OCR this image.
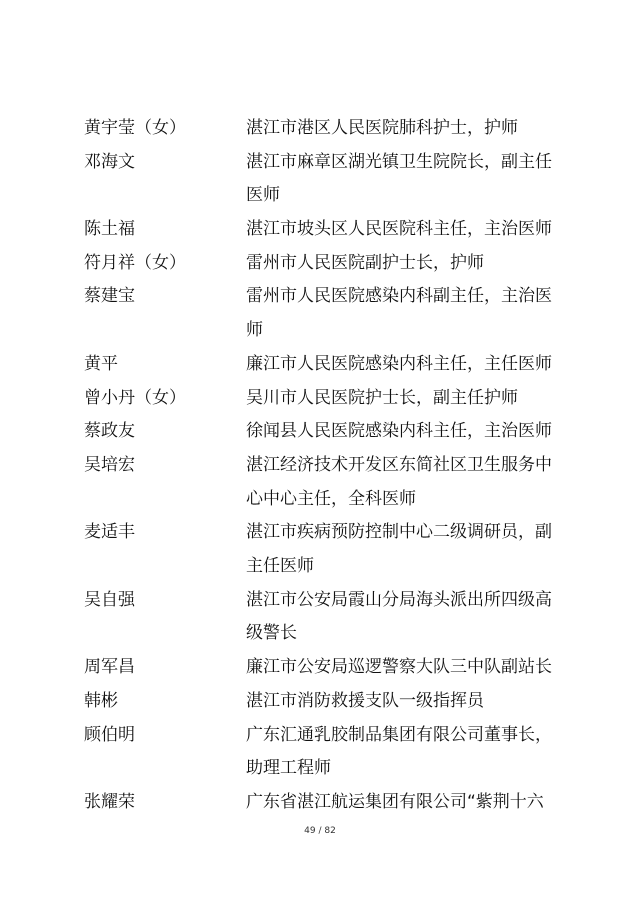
黄宇莹（女）	湛江市港区人民医院肺科护士，护师
邓海文	湛江市麻章区湖光镇卫生院院长，副主任
医师
陈土福	湛江市坡头区人民医院科主任，主治医师
符月祥（女）	雷州市人民医院副护士长，护师
蔡建宝	雷州市人民医院感染内科副主任，主治医
师
黄平	廉江市人民医院感染内科主任，主任医师
曾小丹（女）	吴川市人民医院护士长，副主任护师
蔡政友	徐闻县人民医院感染内科主任，主治医师
吴培宏	湛江经济技术开发区东简社区卫生服务中
心中心主任，全科医师
麦适丰	湛江市疾病预防控制中心二级调研员，副
主任医师
吴自强	湛江市公安局霞山分局海头派出所四级高
级警长
周军昌	廉江市公安局巡逻警察大队三中队副站长
韩彬	湛江市消防救援支队一级指挥员
顾伯明	广东汇通乳胶制品集团有限公司董事长，
助理工程师
张耀荣	广东省湛江航运集团有限公司“紫荆十六
49 / 82
